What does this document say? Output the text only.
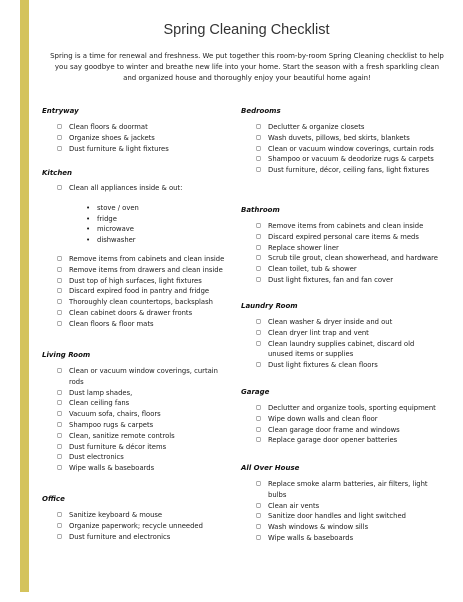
Spring Cleaning Checklist
Spring is a time for renewal and freshness. We put together this room-by-room Spring Cleaning checklist to help you say goodbye to winter and breathe new life into your home. Start the season with a fresh sparkling clean and organized house and thoroughly enjoy your beautiful home again!
Entryway
◻ Clean floors & doormat
◻ Organize shoes & jackets
◻ Dust furniture & light fixtures
Kitchen
◻ Clean all appliances inside & out:
• stove / oven
• fridge
• microwave
• dishwasher
◻ Remove items from cabinets and clean inside
◻ Remove items from drawers and clean inside
◻ Dust top of high surfaces, light fixtures
◻ Discard expired food in pantry and fridge
◻ Thoroughly clean countertops, backsplash
◻ Clean cabinet doors & drawer fronts
◻ Clean floors & floor mats
Living Room
◻ Clean or vacuum window coverings, curtain rods
◻ Dust lamp shades,
◻ Clean ceiling fans
◻ Vacuum sofa, chairs, floors
◻ Shampoo rugs & carpets
◻ Clean, sanitize remote controls
◻ Dust furniture & décor items
◻ Dust electronics
◻ Wipe walls & baseboards
Office
◻ Sanitize keyboard & mouse
◻ Organize paperwork; recycle unneeded
◻ Dust furniture and electronics
Bedrooms
◻ Declutter & organize closets
◻ Wash duvets, pillows, bed skirts, blankets
◻ Clean or vacuum window coverings, curtain rods
◻ Shampoo or vacuum & deodorize rugs & carpets
◻ Dust furniture, décor, ceiling fans, light fixtures
Bathroom
◻ Remove items from cabinets and clean inside
◻ Discard expired personal care items & meds
◻ Replace shower liner
◻ Scrub tile grout, clean showerhead, and hardware
◻ Clean toilet, tub & shower
◻ Dust light fixtures, fan and fan cover
Laundry Room
◻ Clean washer & dryer inside and out
◻ Clean dryer lint trap and vent
◻ Clean laundry supplies cabinet, discard old unused items or supplies
◻ Dust light fixtures & clean floors
Garage
◻ Declutter and organize tools, sporting equipment
◻ Wipe down walls and clean floor
◻ Clean garage door frame and windows
◻ Replace garage door opener batteries
All Over House
◻ Replace smoke alarm batteries, air filters, light bulbs
◻ Clean air vents
◻ Sanitize door handles and light switched
◻ Wash windows & window sills
◻ Wipe walls & baseboards
